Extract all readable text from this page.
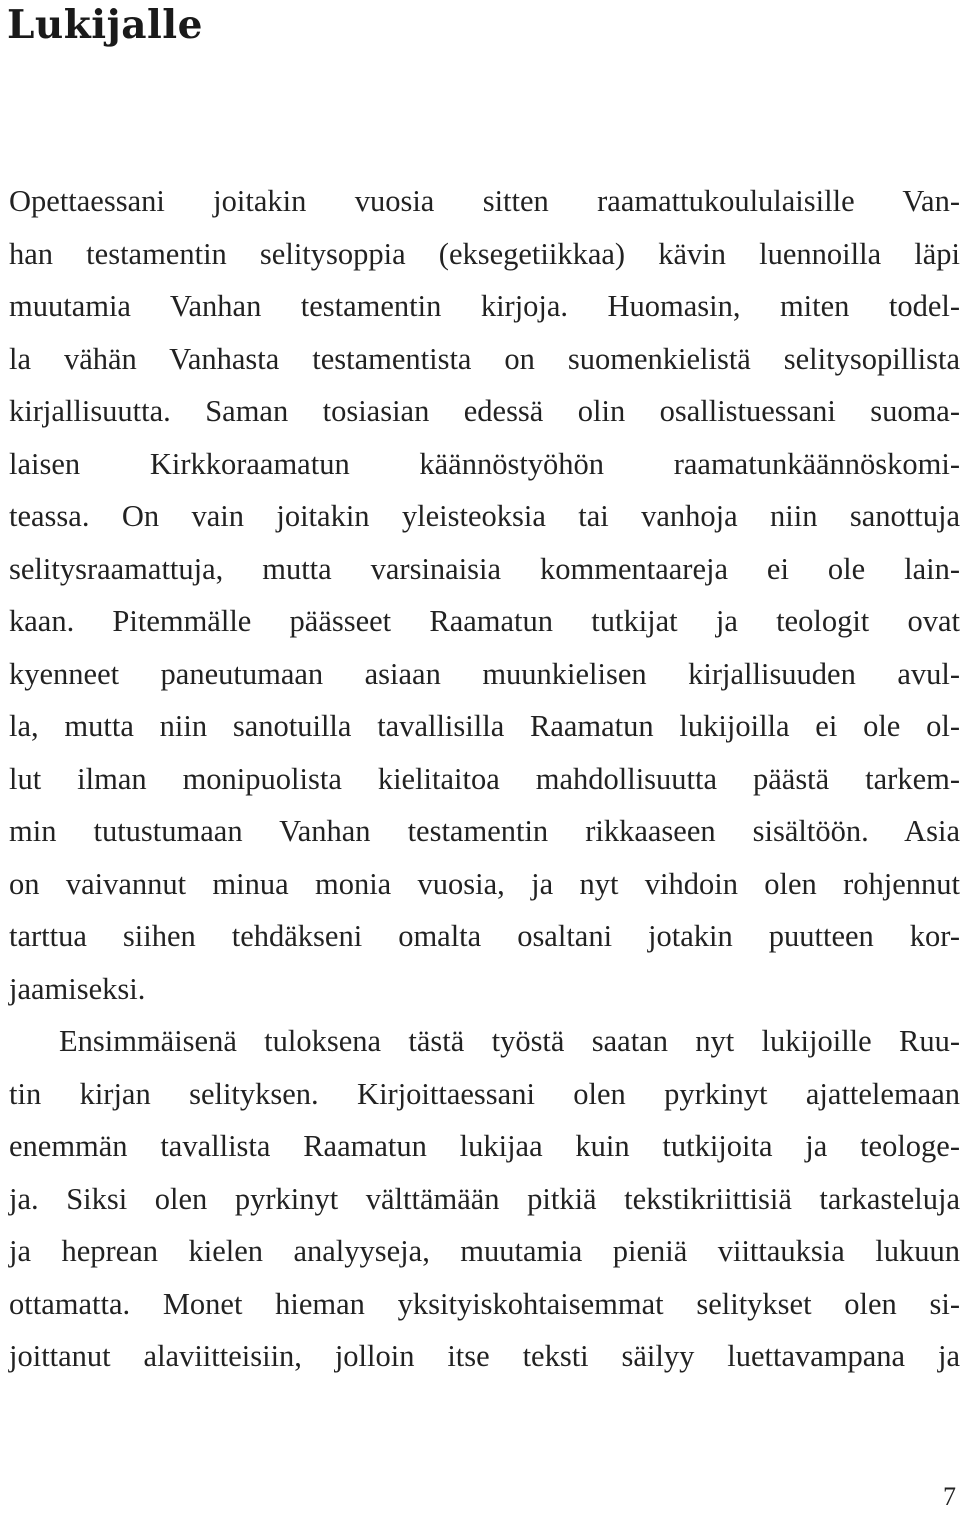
Lukijalle

Opettaessani joitakin vuosia sitten raamattukoululaisille Van-
han testamentin selitysoppia (eksegetiikkaa) kävin luennoilla läpi
muutamia Vanhan testamentin kirjoja. Huomasin, miten todel-
la vähän Vanhasta testamentista on suomenkielistä selitysopillista
kirjallisuutta. Saman tosiasian edessä olin osallistuessani suoma-
laisen Kirkkoraamatun käännöstyöhön raamatunkäännöskomi-
teassa. On vain joitakin yleisteoksia tai vanhoja niin sanottuja
selitysraamattuja, mutta varsinaisia kommentaareja ei ole lain-
kaan. Pitemmälle päässeet Raamatun tutkijat ja teologit ovat
kyenneet paneutumaan asiaan muunkielisen kirjallisuuden avul-
la, mutta niin sanotuilla tavallisilla Raamatun lukijoilla ei ole ol-
lut ilman monipuolista kielitaitoa mahdollisuutta päästä tarkem-
min tutustumaan Vanhan testamentin rikkaaseen sisältöön. Asia
on vaivannut minua monia vuosia, ja nyt vihdoin olen rohjennut
tarttua siihen tehdäkseni omalta osaltani jotakin puutteen kor-
jaamiseksi.

Ensimmäisenä tuloksena tästä työstä saatan nyt lukijoille Ruu-
tin kirjan selityksen. Kirjoittaessani olen pyrkinyt ajattelemaan
enemmän tavallista Raamatun lukijaa kuin tutkijoita ja teologe-
ja. Siksi olen pyrkinyt välttämään pitkiä tekstikriittisiä tarkasteluja
ja heprean kielen analyyseja, muutamia pieniä viittauksia lukuun
ottamatta. Monet hieman yksityiskohtaisemmat selitykset olen si-
joittanut alaviitteisiin, jolloin itse teksti säilyy luettavampana ja

7
